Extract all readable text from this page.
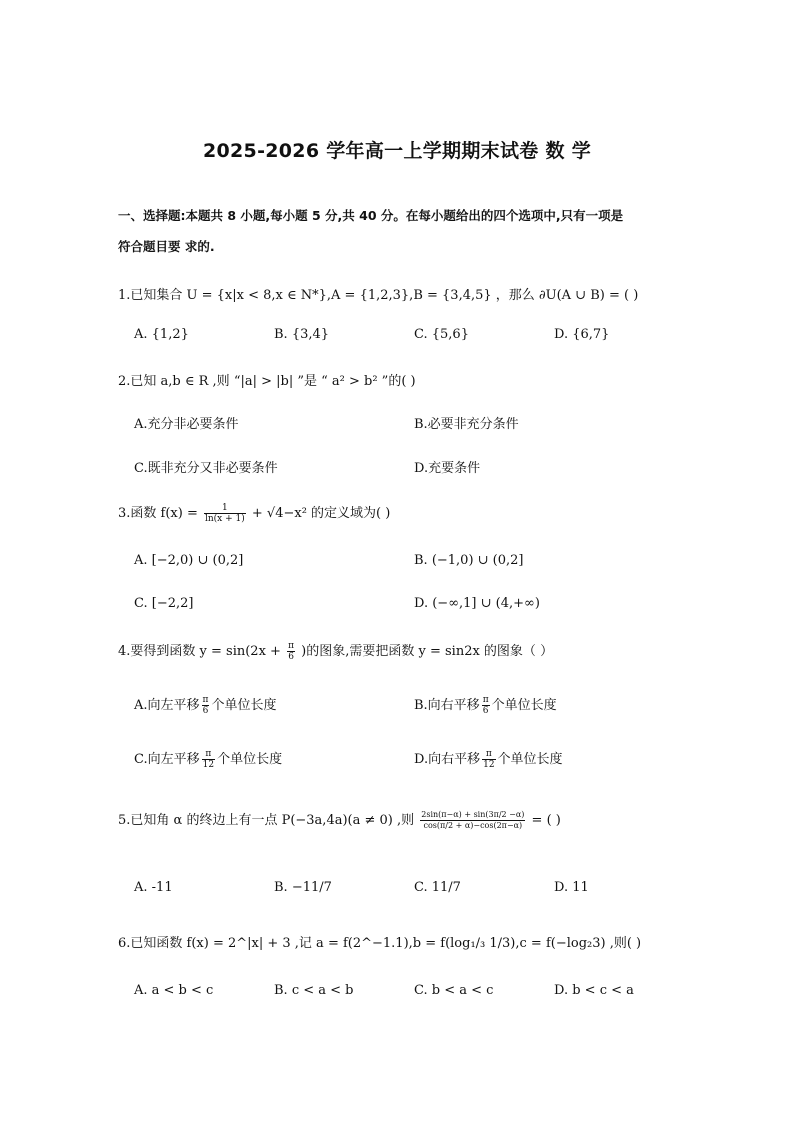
2025-2026 学年高一上学期期末试卷 数 学
一、选择题:本题共 8 小题,每小题 5 分,共 40 分。在每小题给出的四个选项中,只有一项是
符合题目要 求的.
1.已知集合 U = {x|x < 8,x ∈ N*},A = {1,2,3},B = {3,4,5} ，那么 ∂U(A ∪ B) = ( )
A. {1,2}	B. {3,4}	C. {5,6}	D. {6,7}
2.已知 a,b ∈ R ,则 “|a| > |b| ”是 “ a² > b² ”的( )
A.充分非必要条件	B.必要非充分条件
C.既非充分又非必要条件	D.充要条件
3.函数 $f(x) = \frac{1}{\ln(x + 1)} + √4-x^2$ 的定义域为( )
A. [−2,0) ∪ (0,2]	B. (−1,0) ∪ (0,2]
C. [−2,2]	D. (−∞,1] ∪ (4,+∞)
4.要得到函数 $y = \sin(2x + \frac{\pi}{6}$ )的图象,需要把函数 y = sin2x 的图象（ ）
A.向左平移 $\frac{\pi}{6}$ 个单位长度	B.向右平移 $\frac{\pi}{6}$ 个单位长度
C.向左平移 $\frac{\pi}{12}$ 个单位长度	D.向右平移 $\frac{\pi}{12}$ 个单位长度
5.已知角 α 的终边上有一点 P(−3a,4a)(a ≠ 0) ,则 $\frac{2\sin(\pi-\alpha) + \sin(3\pi/2 -\alpha)}{\cos(\pi/2 + \alpha)-\cos(2\pi-\alpha)}$ = ( )
A. -11	B. −11/7	C. 11/7	D. 11
6.已知函数 f(x) = 2^|x| + 3 ,记 a = f(2^−1.1),b = f(log₁/₃ 1/3),c = f(−log₂3) ,则( )
A. a < b < c	B. c < a < b	C. b < a < c	D. b < c < a
